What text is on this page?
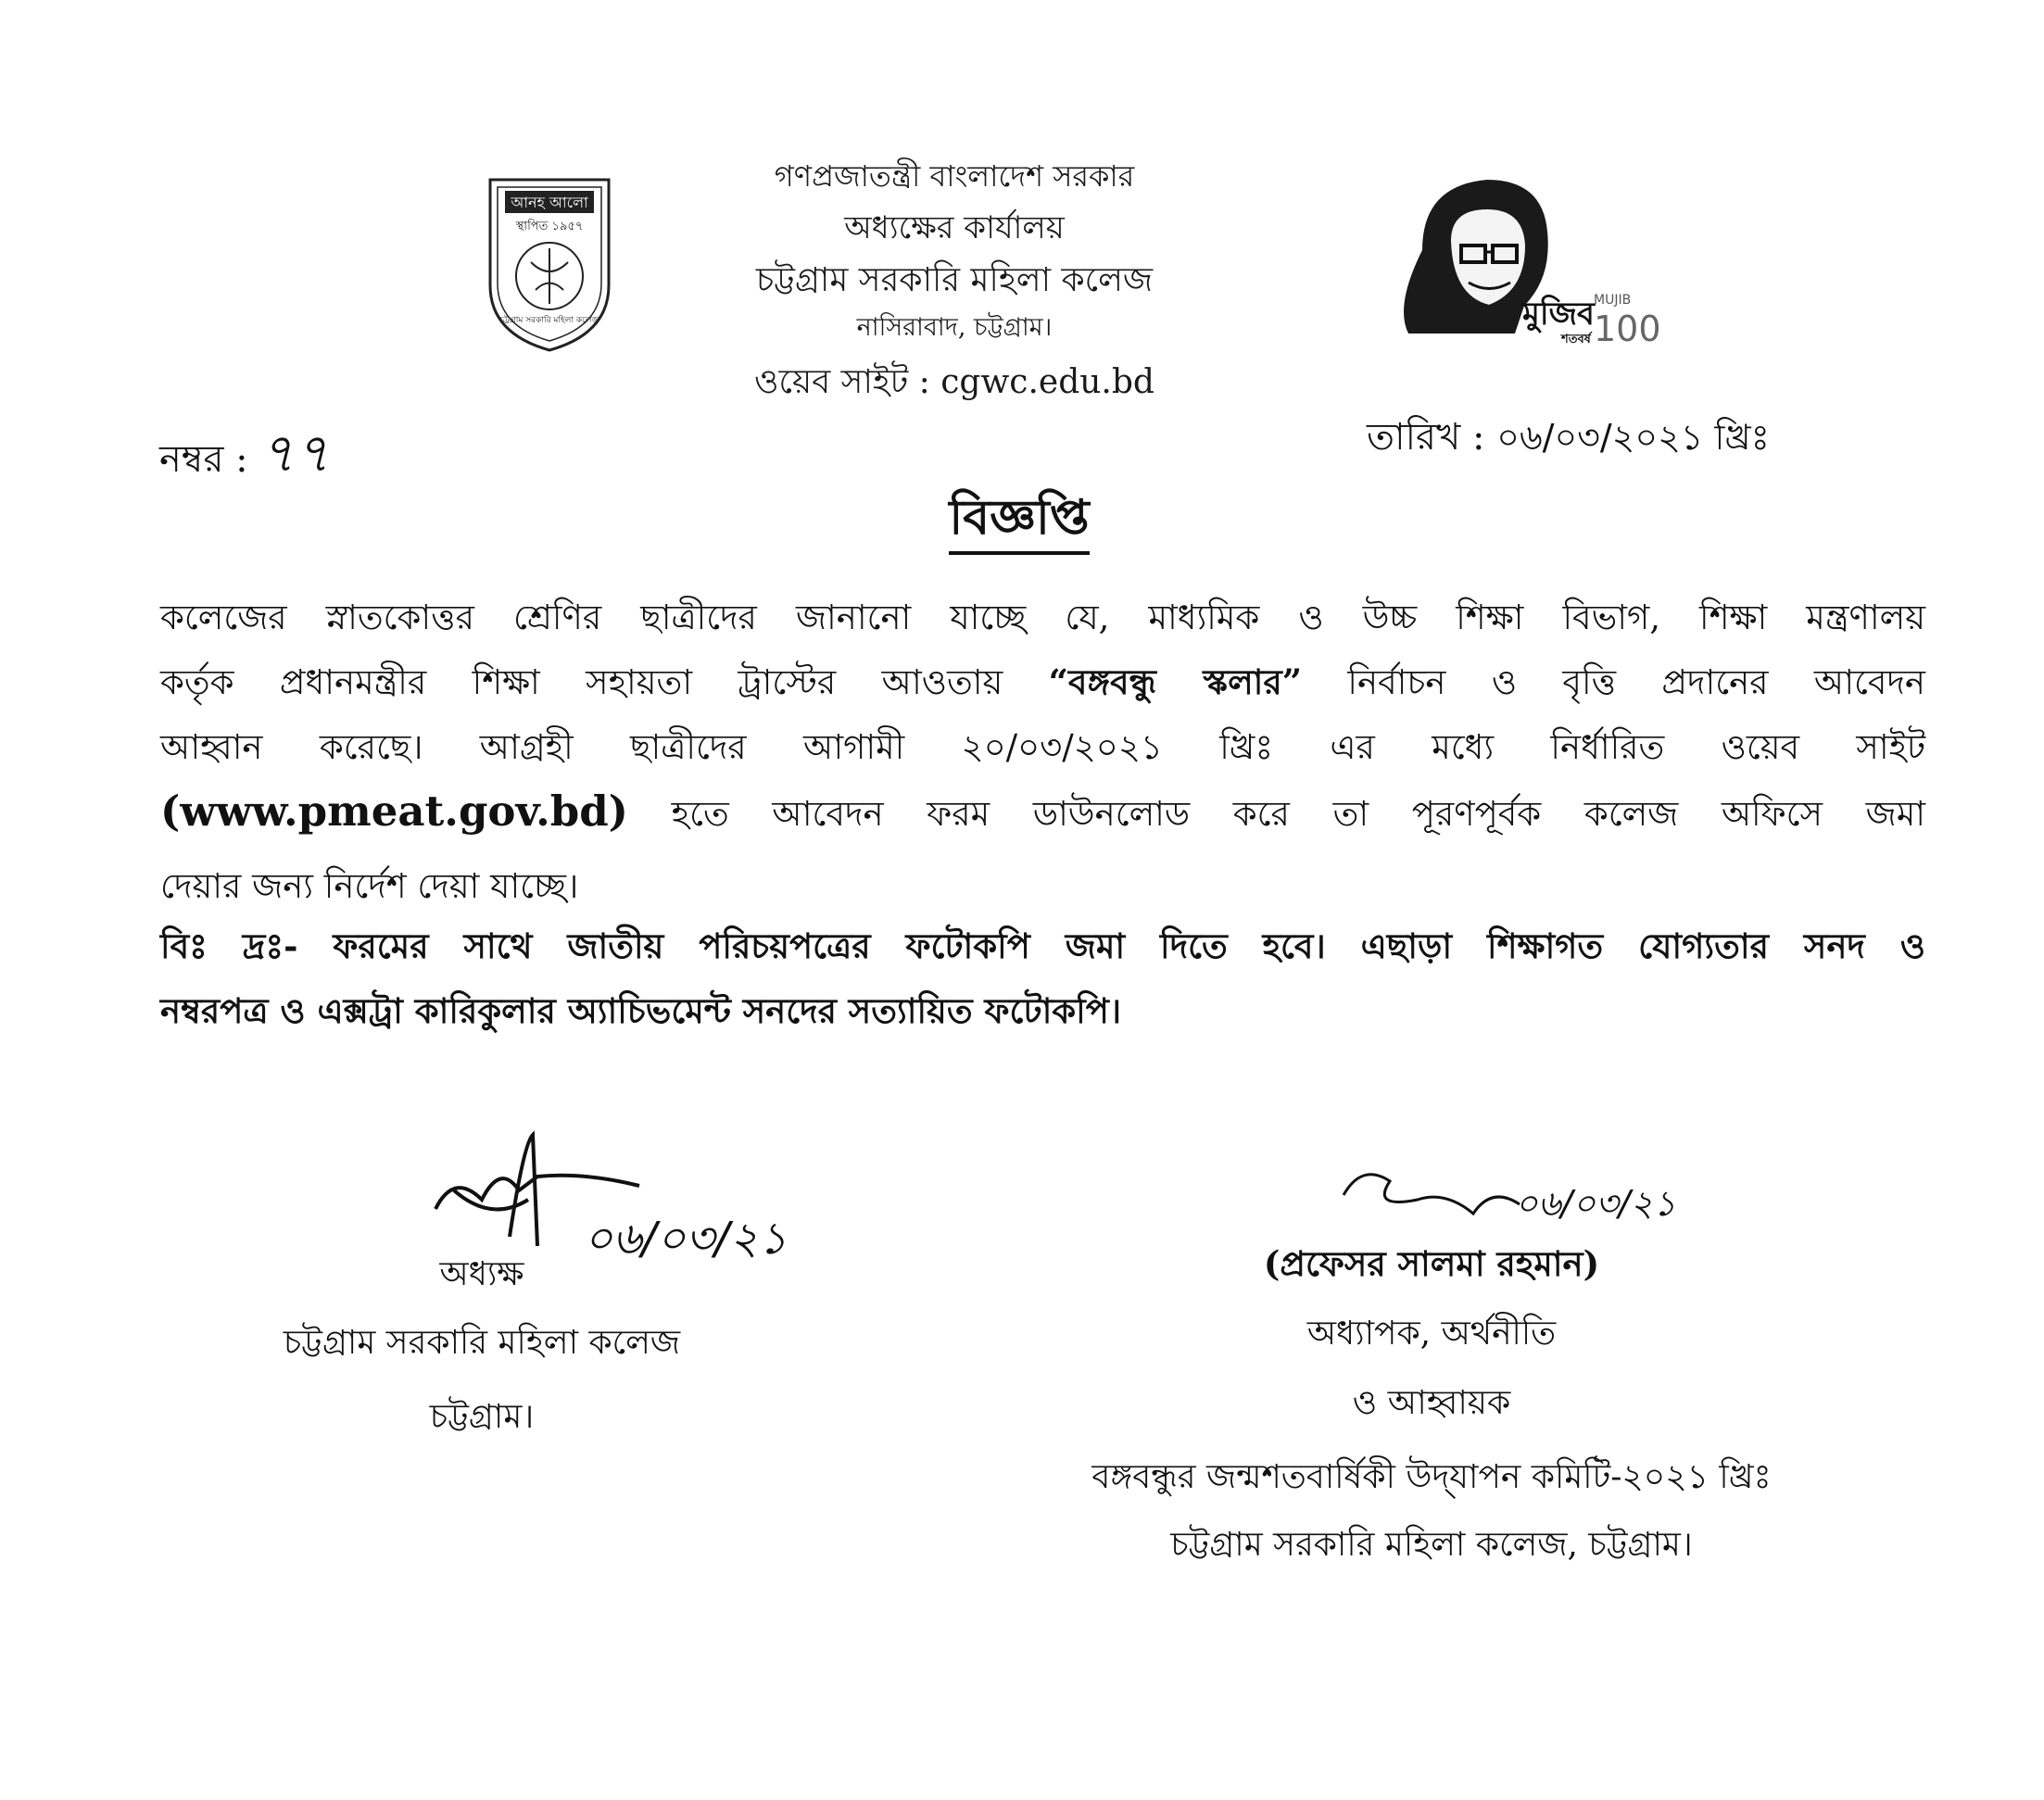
আনহ আলো
স্থাপিত ১৯৫৭
চট্টগ্রাম সরকারি মহিলা কলেজ
গণপ্রজাতন্ত্রী বাংলাদেশ সরকার
অধ্যক্ষের কার্যালয়
চট্টগ্রাম সরকারি মহিলা কলেজ
নাসিরাবাদ, চট্টগ্রাম।
ওয়েব সাইট : cgwc.edu.bd
মুজিব
শতবর্ষ
MUJIB
100
নম্বর : ৭৭	তারিখ : ০৬/০৩/২০২১ খ্রিঃ
বিজ্ঞপ্তি
কলেজের স্নাতকোত্তর শ্রেণির ছাত্রীদের জানানো যাচ্ছে যে, মাধ্যমিক ও উচ্চ শিক্ষা বিভাগ, শিক্ষা মন্ত্রণালয়
কর্তৃক প্রধানমন্ত্রীর শিক্ষা সহায়তা ট্রাস্টের আওতায় “বঙ্গবন্ধু স্কলার” নির্বাচন ও বৃত্তি প্রদানের আবেদন
আহ্বান করেছে। আগ্রহী ছাত্রীদের আগামী ২০/০৩/২০২১ খ্রিঃ এর মধ্যে নির্ধারিত ওয়েব সাইট
(www.pmeat.gov.bd) হতে আবেদন ফরম ডাউনলোড করে তা পূরণপূর্বক কলেজ অফিসে জমা
দেয়ার জন্য নির্দেশ দেয়া যাচ্ছে।
বিঃ দ্রঃ- ফরমের সাথে জাতীয় পরিচয়পত্রের ফটোকপি জমা দিতে হবে। এছাড়া শিক্ষাগত যোগ্যতার সনদ ও
নম্বরপত্র ও এক্সট্রা কারিকুলার অ্যাচিভমেন্ট সনদের সত্যায়িত ফটোকপি।
০৬/০৩/২১
অধ্যক্ষ
চট্টগ্রাম সরকারি মহিলা কলেজ
চট্টগ্রাম।
০৬/০৩/২১
(প্রফেসর সালমা রহমান)
অধ্যাপক, অর্থনীতি
ও আহ্বায়ক
বঙ্গবন্ধুর জন্মশতবার্ষিকী উদ্‌যাপন কমিটি-২০২১ খ্রিঃ
চট্টগ্রাম সরকারি মহিলা কলেজ, চট্টগ্রাম।
